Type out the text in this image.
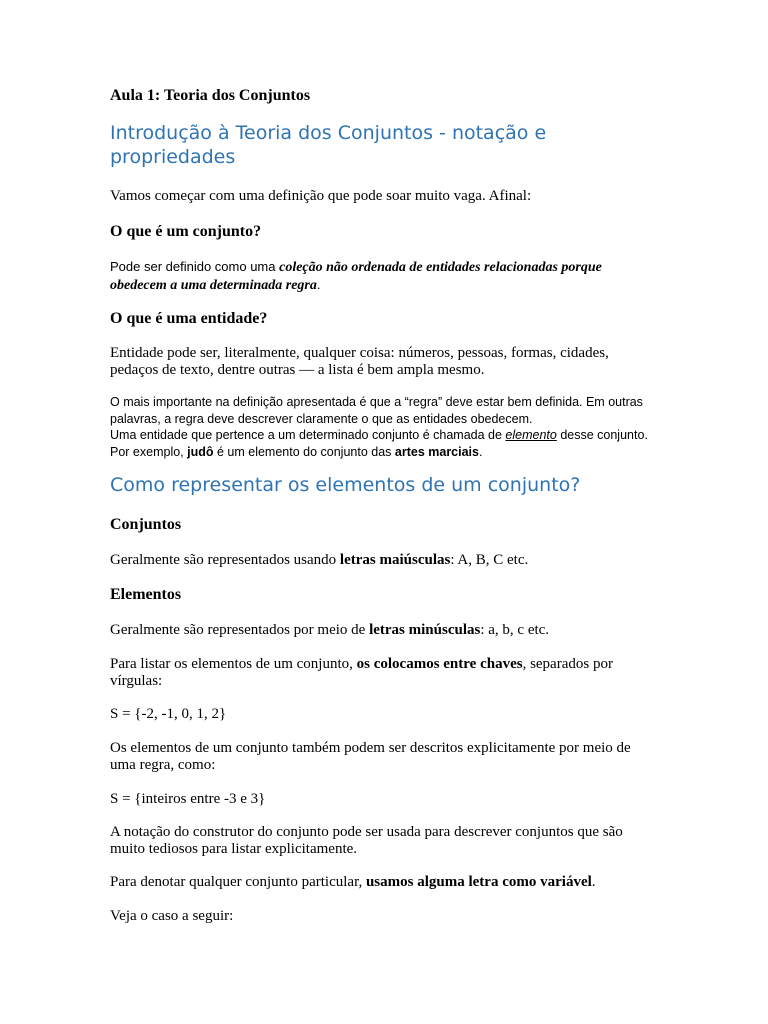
Aula 1: Teoria dos Conjuntos
Introdução à Teoria dos Conjuntos - notação e propriedades
Vamos começar com uma definição que pode soar muito vaga. Afinal:
O que é um conjunto?
Pode ser definido como uma coleção não ordenada de entidades relacionadas porque obedecem a uma determinada regra.
O que é uma entidade?
Entidade pode ser, literalmente, qualquer coisa: números, pessoas, formas, cidades, pedaços de texto, dentre outras — a lista é bem ampla mesmo.
O mais importante na definição apresentada é que a “regra” deve estar bem definida. Em outras palavras, a regra deve descrever claramente o que as entidades obedecem.
Uma entidade que pertence a um determinado conjunto é chamada de elemento desse conjunto. Por exemplo, judô é um elemento do conjunto das artes marciais.
Como representar os elementos de um conjunto?
Conjuntos
Geralmente são representados usando letras maiúsculas: A, B, C etc.
Elementos
Geralmente são representados por meio de letras minúsculas: a, b, c etc.
Para listar os elementos de um conjunto, os colocamos entre chaves, separados por vírgulas:
S = {-2, -1, 0, 1, 2}
Os elementos de um conjunto também podem ser descritos explicitamente por meio de uma regra, como:
S = {inteiros entre -3 e 3}
A notação do construtor do conjunto pode ser usada para descrever conjuntos que são muito tediosos para listar explicitamente.
Para denotar qualquer conjunto particular, usamos alguma letra como variável.
Veja o caso a seguir:
